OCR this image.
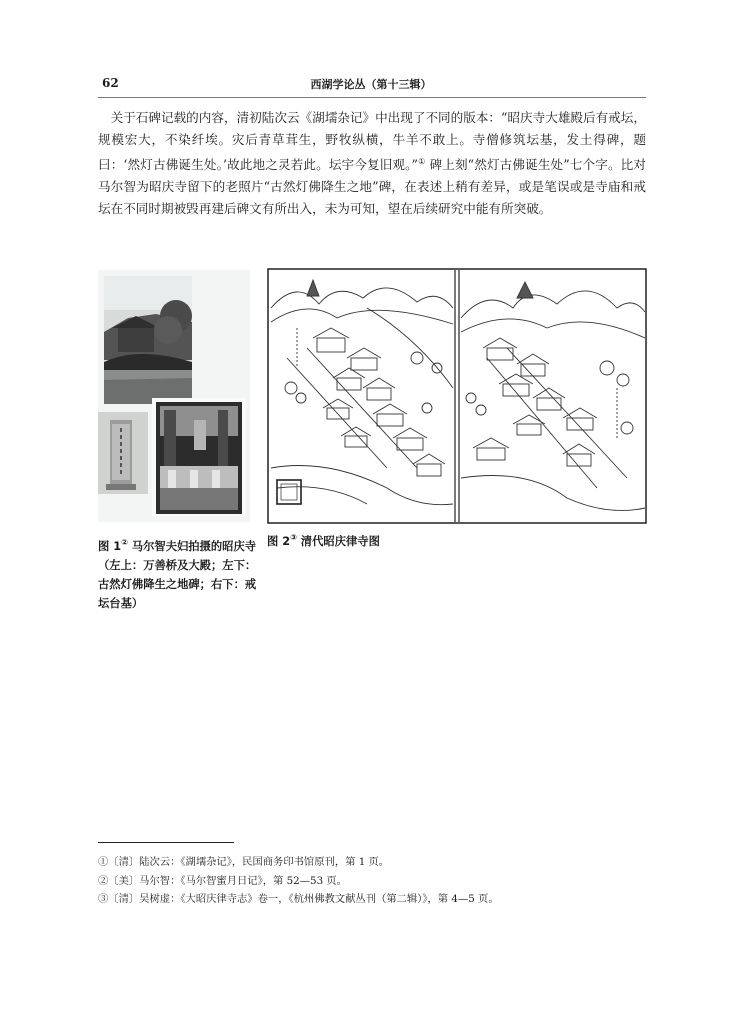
62	西湖学论丛（第十三辑）

 关于石碑记载的内容，清初陆次云《湖壖杂记》中出现了不同的版本：“昭庆寺大雄殿后有戒坛，规模宏大，不染纤埃。灾后青草茸生，野牧纵横，牛羊不敢上。寺僧修筑坛基，发土得碑，题曰：‘然灯古佛诞生处。’故此地之灵若此。坛宇今复旧观。”① 碑上刻“然灯古佛诞生处”七个字。比对马尔智为昭庆寺留下的老照片“古然灯佛降生之地”碑，在表述上稍有差异，或是笔误或是寺庙和戒坛在不同时期被毁再建后碑文有所出入，未为可知，望在后续研究中能有所突破。

图 1② 马尔智夫妇拍摄的昭庆寺
（左上：万善桥及大殿；左下：古然灯佛降生之地碑；右下：戒坛台基）
图 2③ 清代昭庆律寺图
①〔清〕陆次云：《湖壖杂记》，民国商务印书馆原刊，第 1 页。
②〔美〕马尔智：《马尔智蜜月日记》，第 52—53 页。
③〔清〕吴树虚：《大昭庆律寺志》卷一，《杭州佛教文献丛刊（第二辑）》，第 4—5 页。
